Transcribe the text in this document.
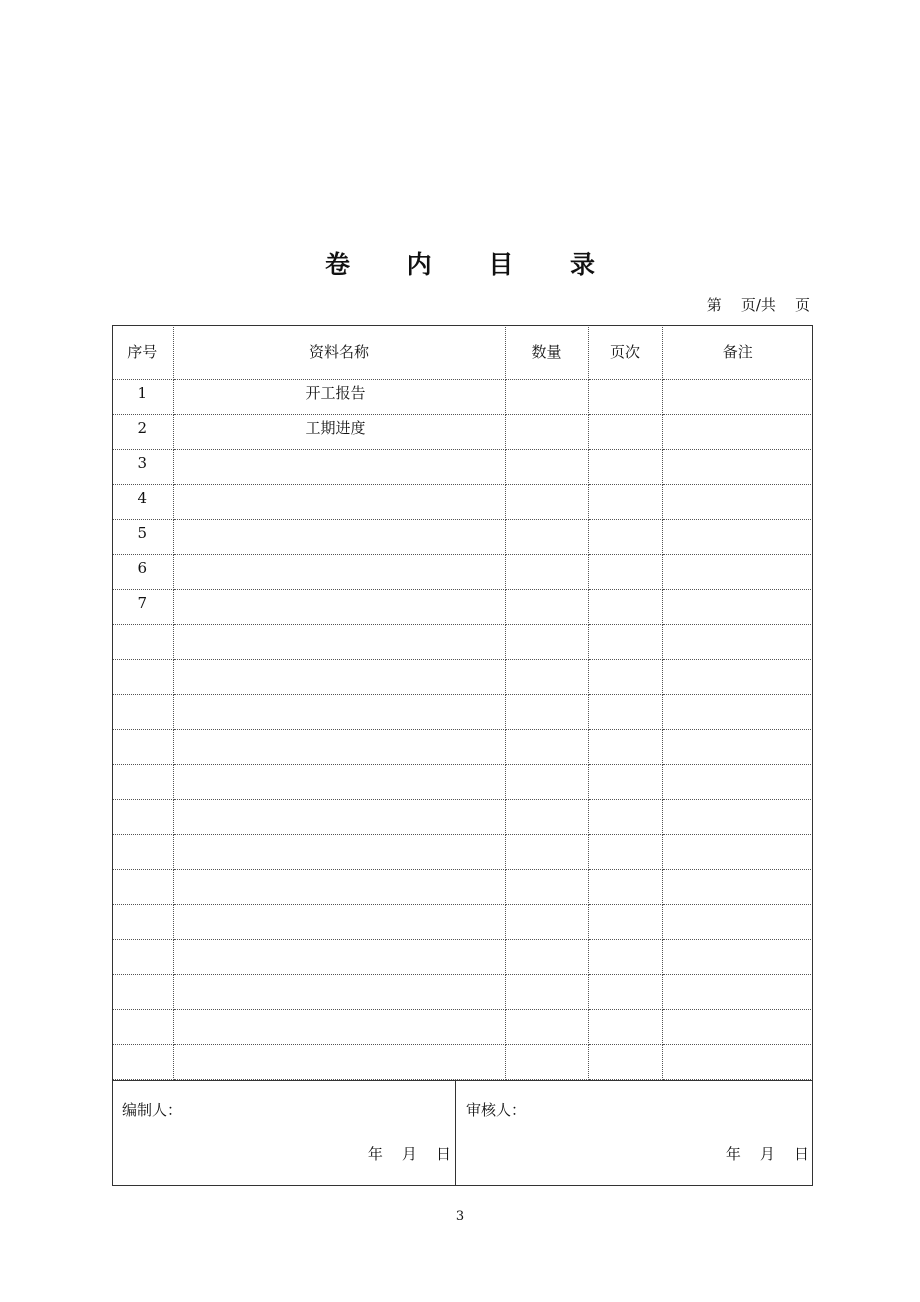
卷 内 目 录
第    页/共    页
序号	资料名称	数量	页次	备注
1	开工报告			
2	工期进度			
3				
4				
5				
6				
7				

编制人：
年    月    日
审核人：
年    月    日
3
